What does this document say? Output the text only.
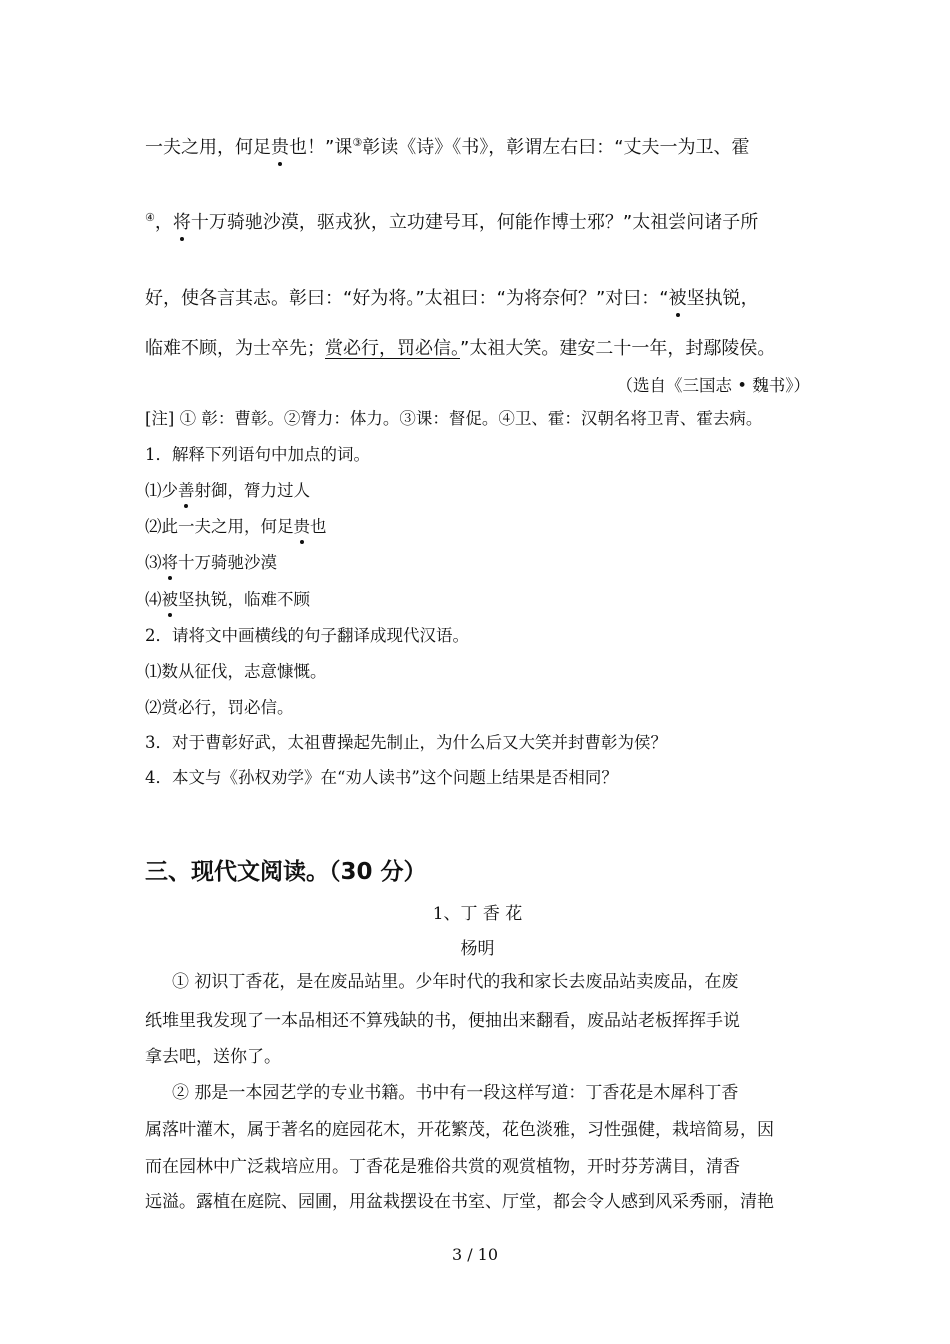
一夫之用，何足贵也！”课③彰读《诗》《书》，彰谓左右曰：“丈夫一为卫、霍
④，将十万骑驰沙漠，驱戎狄，立功建号耳，何能作博士邪？”太祖尝问诸子所
好，使各言其志。彰曰：“好为将。”太祖曰：“为将奈何？”对曰：“被坚执锐，
临难不顾，为士卒先；赏必行，罚必信。”太祖大笑。建安二十一年，封鄢陵侯。
（选自《三国志 • 魏书》）
[注] ① 彰：曹彰。②膂力：体力。③课：督促。④卫、霍：汉朝名将卫青、霍去病。
1．解释下列语句中加点的词。
⑴少善射御，膂力过人
⑵此一夫之用，何足贵也
⑶将十万骑驰沙漠
⑷被坚执锐，临难不顾
2．请将文中画横线的句子翻译成现代汉语。
⑴数从征伐，志意慷慨。
⑵赏必行，罚必信。
3．对于曹彰好武，太祖曹操起先制止，为什么后又大笑并封曹彰为侯？
4．本文与《孙权劝学》在“劝人读书”这个问题上结果是否相同？
三、现代文阅读。（30 分）
1、丁 香 花
杨明
① 初识丁香花，是在废品站里。少年时代的我和家长去废品站卖废品，在废
纸堆里我发现了一本品相还不算残缺的书，便抽出来翻看，废品站老板挥挥手说
拿去吧，送你了。
② 那是一本园艺学的专业书籍。书中有一段这样写道：丁香花是木犀科丁香
属落叶灌木，属于著名的庭园花木，开花繁茂，花色淡雅，习性强健，栽培简易，因
而在园林中广泛栽培应用。丁香花是雅俗共赏的观赏植物，开时芬芳满目，清香
远溢。露植在庭院、园圃，用盆栽摆设在书室、厅堂，都会令人感到风采秀丽，清艳
3 / 10
